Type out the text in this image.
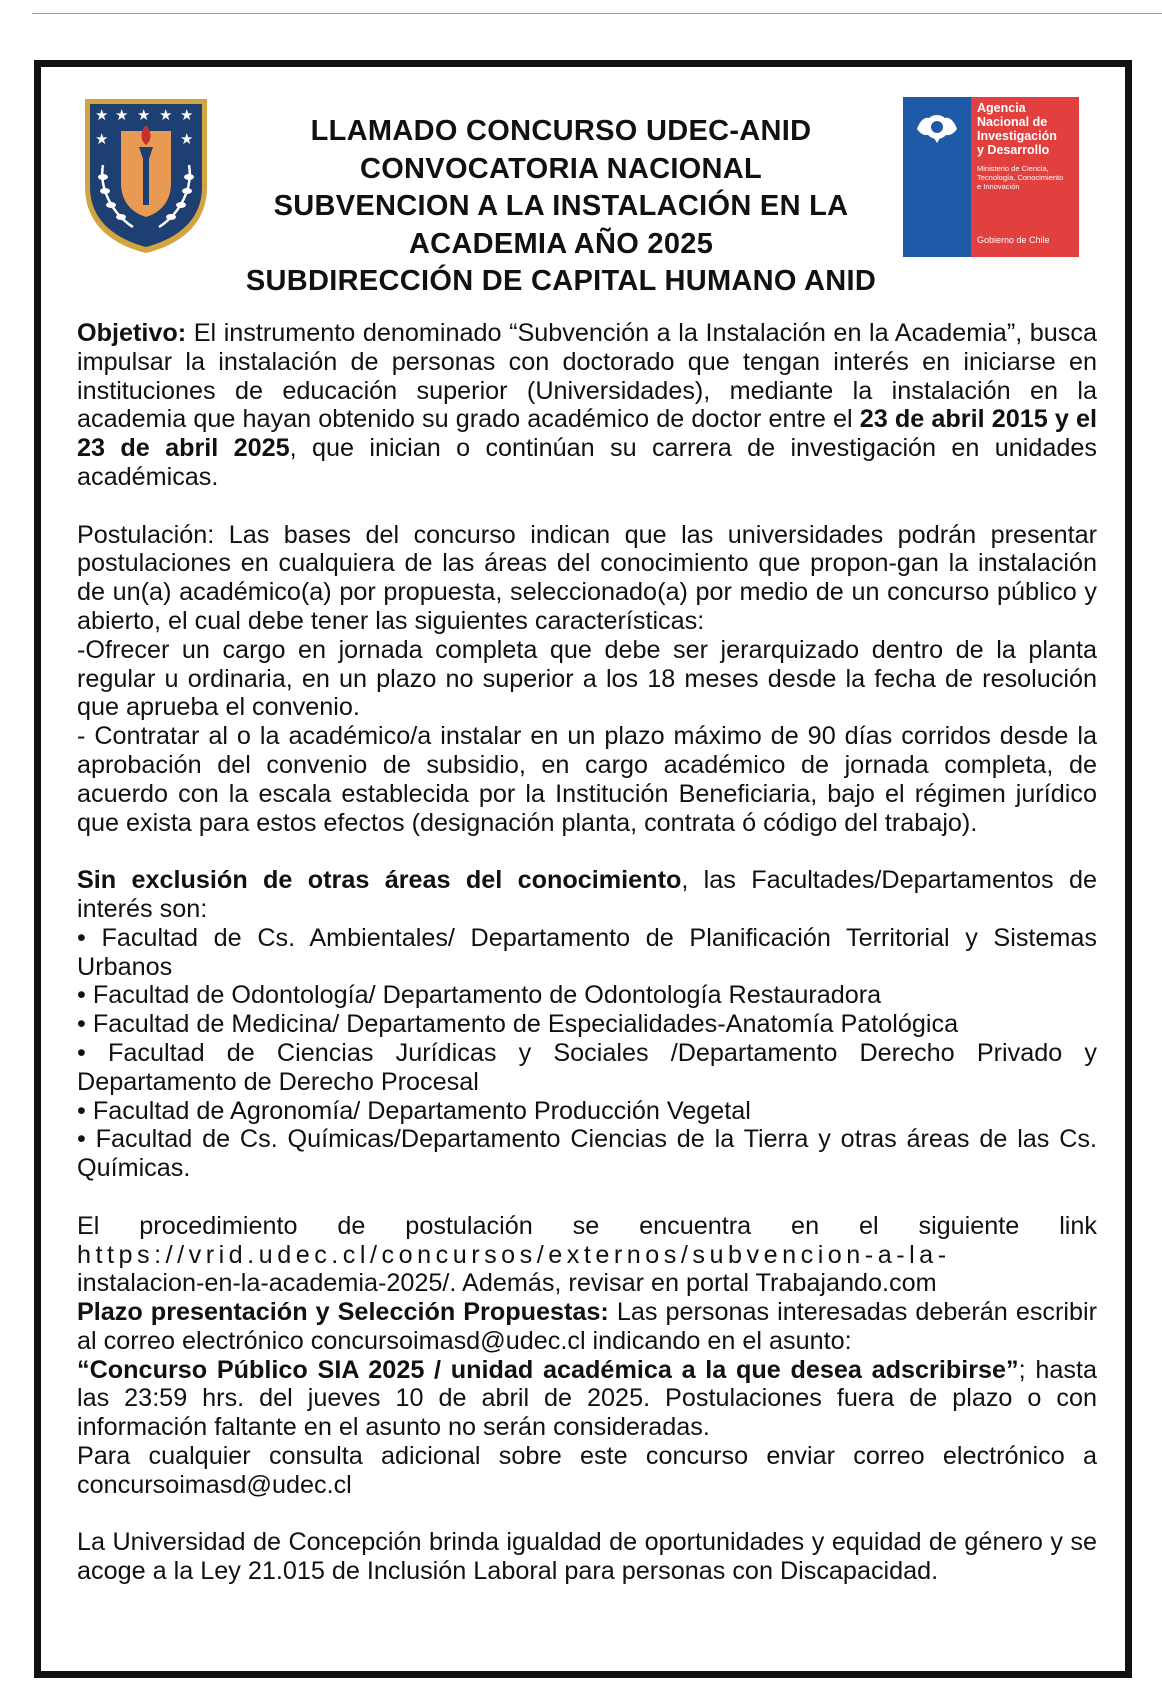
★ ★ ★ ★ ★
★	★	LLAMADO CONCURSO UDEC-ANID
CONVOCATORIA NACIONAL
SUBVENCION A LA INSTALACIÓN EN LA
ACADEMIA AÑO 2025
SUBDIRECCIÓN DE CAPITAL HUMANO ANID
Agencia
Nacional de
Investigación
y Desarrollo
Ministerio de Ciencia,
Tecnología, Conocimiento
e Innovación
Gobierno de Chile

Objetivo: El instrumento denominado “Subvención a la Instalación en la Academia”, busca impulsar la instalación de personas con doctorado que tengan interés en iniciarse en instituciones de educación superior (Universidades), mediante la instalación en la academia que hayan obtenido su grado académico de doctor entre el 23 de abril 2015 y el 23 de abril 2025, que inician o continúan su carrera de investigación en unidades académicas.

Postulación: Las bases del concurso indican que las universidades podrán presentar postulaciones en cualquiera de las áreas del conocimiento que propon-gan la instalación de un(a) académico(a) por propuesta, seleccionado(a) por medio de un concurso público y abierto, el cual debe tener las siguientes características:

-Ofrecer un cargo en jornada completa que debe ser jerarquizado dentro de la planta regular u ordinaria, en un plazo no superior a los 18 meses desde la fecha de resolución que aprueba el convenio.

- Contratar al o la académico/a instalar en un plazo máximo de 90 días corridos desde la aprobación del convenio de subsidio, en cargo académico de jornada completa, de acuerdo con la escala establecida por la Institución Beneficiaria, bajo el régimen jurídico que exista para estos efectos (designación planta, contrata ó código del trabajo).

Sin exclusión de otras áreas del conocimiento, las Facultades/Departamentos de interés son:

• Facultad de Cs. Ambientales/ Departamento de Planificación Territorial y Sistemas Urbanos

• Facultad de Odontología/ Departamento de Odontología Restauradora

• Facultad de Medicina/ Departamento de Especialidades-Anatomía Patológica

• Facultad de Ciencias Jurídicas y Sociales /Departamento Derecho Privado y Departamento de Derecho Procesal

• Facultad de Agronomía/ Departamento Producción Vegetal

• Facultad de Cs. Químicas/Departamento Ciencias de la Tierra y otras áreas de las Cs. Químicas.

El procedimiento de postulación se encuentra en el siguiente link

https://vrid.udec.cl/concursos/externos/subvencion-a-la-

instalacion-en-la-academia-2025/. Además, revisar en portal Trabajando.com

Plazo presentación y Selección Propuestas: Las personas interesadas deberán escribir al correo electrónico concursoimasd@udec.cl indicando en el asunto:

“Concurso Público SIA 2025 / unidad académica a la que desea adscribirse”; hasta las 23:59 hrs. del jueves 10 de abril de 2025. Postulaciones fuera de plazo o con información faltante en el asunto no serán consideradas.

Para cualquier consulta adicional sobre este concurso enviar correo electrónico a concursoimasd@udec.cl

La Universidad de Concepción brinda igualdad de oportunidades y equidad de género y se acoge a la Ley 21.015 de Inclusión Laboral para personas con Discapacidad.
